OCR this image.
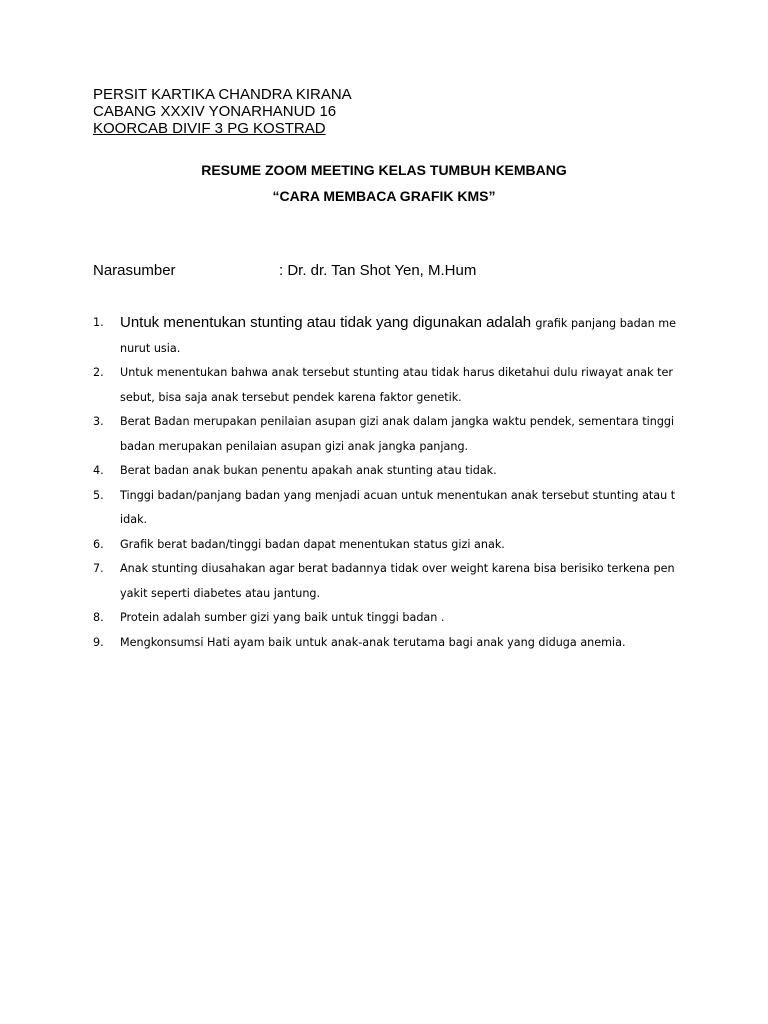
PERSIT KARTIKA CHANDRA KIRANA
CABANG XXXIV YONARHANUD 16
KOORCAB DIVIF 3 PG KOSTRAD
RESUME ZOOM MEETING KELAS TUMBUH KEMBANG
“CARA MEMBACA GRAFIK KMS”
Narasumber	: Dr. dr. Tan Shot Yen, M.Hum
1. Untuk menentukan stunting atau tidak yang digunakan adalah grafik panjang badan menurut usia.
2. Untuk menentukan bahwa anak tersebut stunting atau tidak harus diketahui dulu riwayat anak tersebut, bisa saja anak tersebut pendek karena faktor genetik.
3. Berat Badan merupakan penilaian asupan gizi anak dalam jangka waktu pendek, sementara tinggi badan merupakan penilaian asupan gizi anak jangka panjang.
4. Berat badan anak bukan penentu apakah anak stunting atau tidak.
5. Tinggi badan/panjang badan yang menjadi acuan untuk menentukan anak tersebut stunting atau tidak.
6. Grafik berat badan/tinggi badan dapat menentukan status gizi anak.
7. Anak stunting diusahakan agar berat badannya tidak over weight karena bisa berisiko terkena penyakit seperti diabetes atau jantung.
8. Protein adalah sumber gizi yang baik untuk tinggi badan .
9. Mengkonsumsi Hati ayam baik untuk anak-anak terutama bagi anak yang diduga anemia.
